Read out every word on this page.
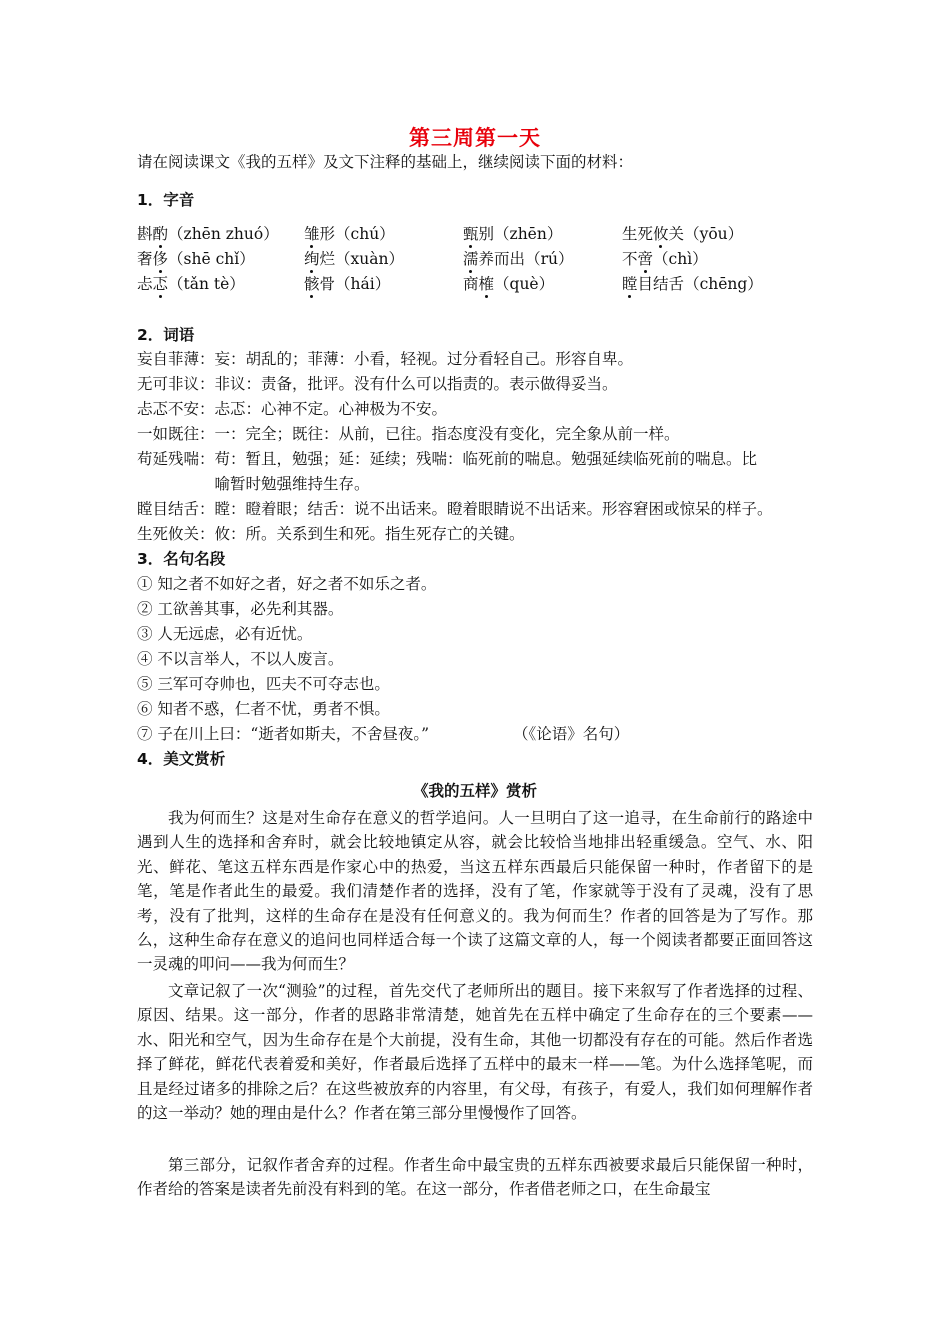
第三周第一天
请在阅读课文《我的五样》及文下注释的基础上，继续阅读下面的材料：
1．字音
斟酌（zhēn zhuó） 雏形（chú）	甄别（zhēn）	生死攸关（yōu）
奢侈（shē chǐ）	绚烂（xuàn）	濡养而出（rú）	不啻（chì）
忐忑（tǎn tè）	骸骨（hái）	商榷（què）	瞠目结舌（chēng）
2．词语
妄自菲薄：妄：胡乱的；菲薄：小看，轻视。过分看轻自己。形容自卑。
无可非议：非议：责备，批评。没有什么可以指责的。表示做得妥当。
忐忑不安：忐忑：心神不定。心神极为不安。
一如既往：一：完全；既往：从前，已往。指态度没有变化，完全象从前一样。
苟延残喘：苟：暂且，勉强；延：延续；残喘：临死前的喘息。勉强延续临死前的喘息。比
　　　　　喻暂时勉强维持生存。
瞠目结舌：瞠：瞪着眼；结舌：说不出话来。瞪着眼睛说不出话来。形容窘困或惊呆的样子。
生死攸关：攸：所。关系到生和死。指生死存亡的关键。
3．名句名段
① 知之者不如好之者，好之者不如乐之者。
② 工欲善其事，必先利其器。
③ 人无远虑，必有近忧。
④ 不以言举人，不以人废言。
⑤ 三军可夺帅也，匹夫不可夺志也。
⑥ 知者不惑，仁者不忧，勇者不惧。
⑦ 子在川上曰：“逝者如斯夫，不舍昼夜。”	（《论语》名句）
4．美文赏析
《我的五样》赏析
我为何而生？这是对生命存在意义的哲学追问。人一旦明白了这一追寻，在生命前行的路途中遇到人生的选择和舍弃时，就会比较地镇定从容，就会比较恰当地排出轻重缓急。空气、水、阳光、鲜花、笔这五样东西是作家心中的热爱，当这五样东西最后只能保留一种时，作者留下的是笔，笔是作者此生的最爱。我们清楚作者的选择，没有了笔，作家就等于没有了灵魂，没有了思考，没有了批判，这样的生命存在是没有任何意义的。我为何而生？作者的回答是为了写作。那么，这种生命存在意义的追问也同样适合每一个读了这篇文章的人，每一个阅读者都要正面回答这一灵魂的叩问——我为何而生？
文章记叙了一次“测验”的过程，首先交代了老师所出的题目。接下来叙写了作者选择的过程、原因、结果。这一部分，作者的思路非常清楚，她首先在五样中确定了生命存在的三个要素——水、阳光和空气，因为生命存在是个大前提，没有生命，其他一切都没有存在的可能。然后作者选择了鲜花，鲜花代表着爱和美好，作者最后选择了五样中的最末一样——笔。为什么选择笔呢，而且是经过诸多的排除之后？在这些被放弃的内容里，有父母，有孩子，有爱人，我们如何理解作者的这一举动？她的理由是什么？作者在第三部分里慢慢作了回答。
第三部分，记叙作者舍弃的过程。作者生命中最宝贵的五样东西被要求最后只能保留一种时，作者给的答案是读者先前没有料到的笔。在这一部分，作者借老师之口，在生命最宝
